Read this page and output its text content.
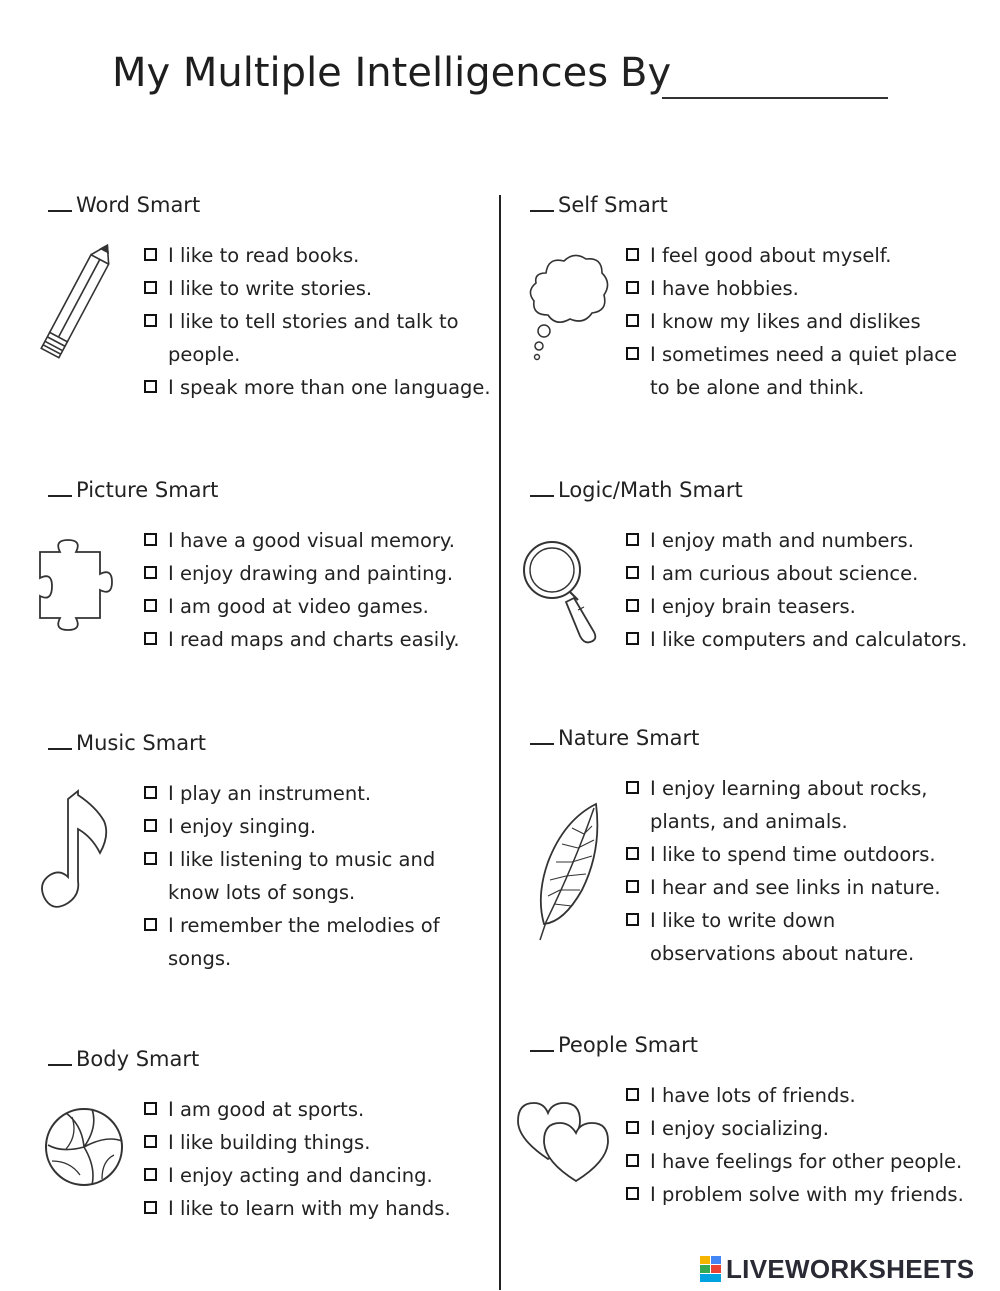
My Multiple Intelligences By
Word Smart
I like to read books.
I like to write stories.
I like to tell stories and talk to
people.
I speak more than one language.
Self Smart
I feel good about myself.
I have hobbies.
I know my likes and dislikes
I sometimes need a quiet place
to be alone and think.
Picture Smart
I have a good visual memory.
I enjoy drawing and painting.
I am good at video games.
I read maps and charts easily.
Logic/Math Smart
I enjoy math and numbers.
I am curious about science.
I enjoy brain teasers.
I like computers and calculators.
Music Smart
I play an instrument.
I enjoy singing.
I like listening to music and
know lots of songs.
I remember the melodies of
songs.
Nature Smart
I enjoy learning about rocks,
plants, and animals.
I like to spend time outdoors.
I hear and see links in nature.
I like to write down
observations about nature.
Body Smart
I am good at sports.
I like building things.
I enjoy acting and dancing.
I like to learn with my hands.
People Smart
I have lots of friends.
I enjoy socializing.
I have feelings for other people.
I problem solve with my friends.
LIVEWORKSHEETS
